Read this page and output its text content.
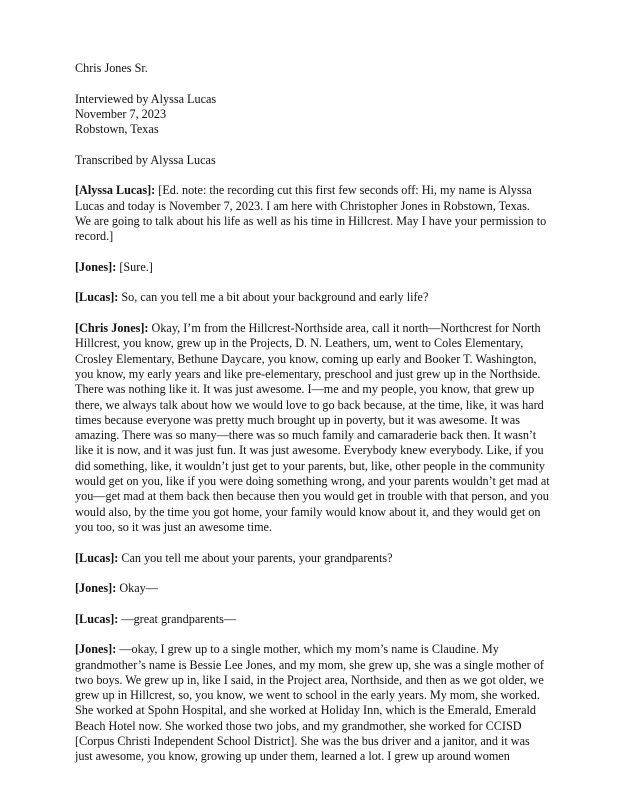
Chris Jones Sr.
Interviewed by Alyssa Lucas
November 7, 2023
Robstown, Texas
Transcribed by Alyssa Lucas
[Alyssa Lucas]: [Ed. note: the recording cut this first few seconds off: Hi, my name is Alyssa
Lucas and today is November 7, 2023. I am here with Christopher Jones in Robstown, Texas.
We are going to talk about his life as well as his time in Hillcrest. May I have your permission to
record.]
[Jones]: [Sure.]
[Lucas]: So, can you tell me a bit about your background and early life?
[Chris Jones]: Okay, I’m from the Hillcrest-Northside area, call it north—Northcrest for North
Hillcrest, you know, grew up in the Projects, D. N. Leathers, um, went to Coles Elementary,
Crosley Elementary, Bethune Daycare, you know, coming up early and Booker T. Washington,
you know, my early years and like pre-elementary, preschool and just grew up in the Northside.
There was nothing like it. It was just awesome. I—me and my people, you know, that grew up
there, we always talk about how we would love to go back because, at the time, like, it was hard
times because everyone was pretty much brought up in poverty, but it was awesome. It was
amazing. There was so many—there was so much family and camaraderie back then. It wasn’t
like it is now, and it was just fun. It was just awesome. Everybody knew everybody. Like, if you
did something, like, it wouldn’t just get to your parents, but, like, other people in the community
would get on you, like if you were doing something wrong, and your parents wouldn’t get mad at
you—get mad at them back then because then you would get in trouble with that person, and you
would also, by the time you got home, your family would know about it, and they would get on
you too, so it was just an awesome time.
[Lucas]: Can you tell me about your parents, your grandparents?
[Jones]: Okay—
[Lucas]: —great grandparents—
[Jones]: —okay, I grew up to a single mother, which my mom’s name is Claudine. My
grandmother’s name is Bessie Lee Jones, and my mom, she grew up, she was a single mother of
two boys. We grew up in, like I said, in the Project area, Northside, and then as we got older, we
grew up in Hillcrest, so, you know, we went to school in the early years. My mom, she worked.
She worked at Spohn Hospital, and she worked at Holiday Inn, which is the Emerald, Emerald
Beach Hotel now. She worked those two jobs, and my grandmother, she worked for CCISD
[Corpus Christi Independent School District]. She was the bus driver and a janitor, and it was
just awesome, you know, growing up under them, learned a lot. I grew up around women
